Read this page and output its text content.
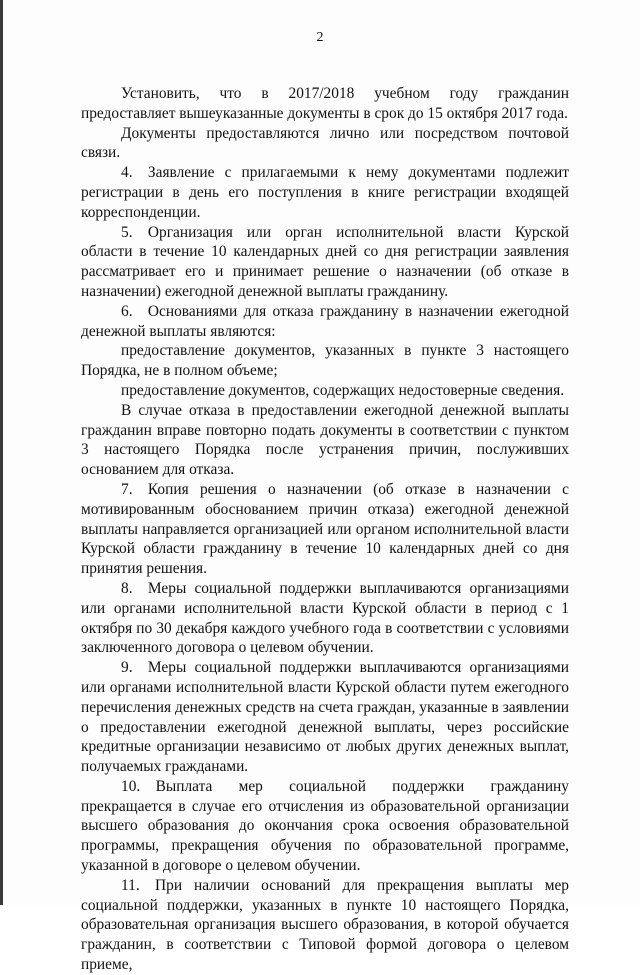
2

Установить, что в 2017/2018 учебном году гражданин предоставляет вышеуказанные документы в срок до 15 октября 2017 года.

Документы предоставляются лично или посредством почтовой связи.

4. Заявление с прилагаемыми к нему документами подлежит регистрации в день его поступления в книге регистрации входящей корреспонденции.

5. Организация или орган исполнительной власти Курской области в течение 10 календарных дней со дня регистрации заявления рассматривает его и принимает решение о назначении (об отказе в назначении) ежегодной денежной выплаты гражданину.

6. Основаниями для отказа гражданину в назначении ежегодной денежной выплаты являются:

предоставление документов, указанных в пункте 3 настоящего Порядка, не в полном объеме;

предоставление документов, содержащих недостоверные сведения.

В случае отказа в предоставлении ежегодной денежной выплаты гражданин вправе повторно подать документы в соответствии с пунктом 3 настоящего Порядка после устранения причин, послуживших основанием для отказа.

7. Копия решения о назначении (об отказе в назначении с мотивированным обоснованием причин отказа) ежегодной денежной выплаты направляется организацией или органом исполнительной власти Курской области гражданину в течение 10 календарных дней со дня принятия решения.

8. Меры социальной поддержки выплачиваются организациями или органами исполнительной власти Курской области в период с 1 октября по 30 декабря каждого учебного года в соответствии с условиями заключенного договора о целевом обучении.

9. Меры социальной поддержки выплачиваются организациями или органами исполнительной власти Курской области путем ежегодного перечисления денежных средств на счета граждан, указанные в заявлении о предоставлении ежегодной денежной выплаты, через российские кредитные организации независимо от любых других денежных выплат, получаемых гражданами.

10. Выплата мер социальной поддержки гражданину прекращается в случае его отчисления из образовательной организации высшего образования до окончания срока освоения образовательной программы, прекращения обучения по образовательной программе, указанной в договоре о целевом обучении.

11. При наличии оснований для прекращения выплаты мер социальной поддержки, указанных в пункте 10 настоящего Порядка, образовательная организация высшего образования, в которой обучается гражданин, в соответствии с Типовой формой договора о целевом приеме,
